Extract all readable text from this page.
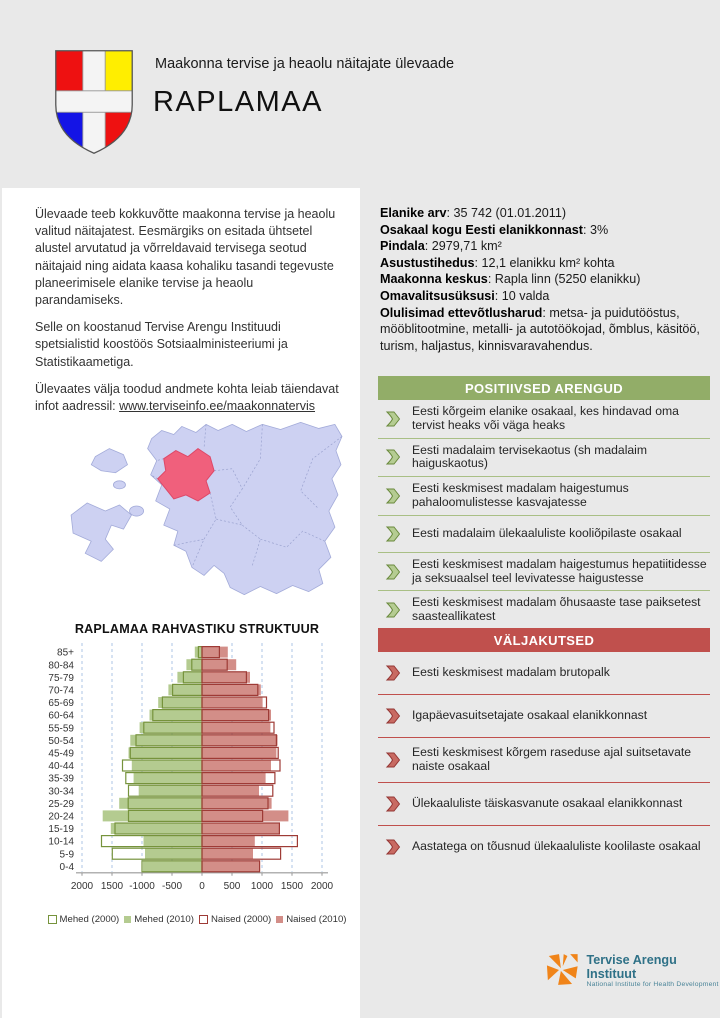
Maakonna tervise ja heaolu näitajate ülevaade
RAPLAMAA

Ülevaade teeb kokkuvõtte maakonna tervise ja heaolu valitud näitajatest. Eesmärgiks on esitada ühtsetel alustel arvutatud ja võrreldavaid tervisega seotud näitajaid ning aidata kaasa kohaliku tasandi tegevuste planeerimisele elanike tervise ja heaolu parandamiseks.

Selle on koostanud Tervise Arengu Instituudi spetsialistid koostöös Sotsiaalministeeriumi ja Statistikaametiga.

Ülevaates välja toodud andmete kohta leiab täiendavat infot aadressil: www.terviseinfo.ee/maakonnatervis

RAPLAMAA RAHVASTIKU STRUKTUUR
2000 1500 -1000 -500 0 500 1000 1500 2000
85+
80-84
75-79
70-74
65-69
60-64
55-59
50-54
45-49
40-44
35-39
30-34
25-29
20-24
15-19
10-14
5-9
0-4
Mehed (2000) Mehed (2010) Naised (2000) Naised (2010)
Elanike arv: 35 742 (01.01.2011)
Osakaal kogu Eesti elanikkonnast: 3%
Pindala: 2979,71 km²
Asustustihedus: 12,1 elanikku km² kohta
Maakonna keskus: Rapla linn (5250 elanikku)
Omavalitsusüksusi: 10 valda
Olulisimad ettevõtlusharud: metsa- ja puidutööstus, mööblitootmine, metalli- ja autotöökojad, õmblus, käsitöö, turism, haljastus, kinnisvaravahendus.
POSITIIVSED ARENGUD
Eesti kõrgeim elanike osakaal, kes hindavad oma tervist heaks või väga heaks
Eesti madalaim tervisekaotus (sh madalaim haiguskaotus)
Eesti keskmisest madalam haigestumus pahaloomulistesse kasvajatesse
Eesti madalaim ülekaaluliste kooliõpilaste osakaal
Eesti keskmisest madalam haigestumus hepatiitidesse ja seksuaalsel teel levivatesse haigustesse
Eesti keskmisest madalam õhusaaste tase paiksetest saasteallikatest
VÄLJAKUTSED
Eesti keskmisest madalam brutopalk
Igapäevasuitsetajate osakaal elanikkonnast
Eesti keskmisest kõrgem raseduse ajal suitsetavate naiste osakaal
Ülekaaluliste täiskasvanute osakaal elanikkonnast
Aastatega on tõusnud ülekaaluliste koolilaste osakaal
Tervise Arengu Instituut
National Institute for Health Development
